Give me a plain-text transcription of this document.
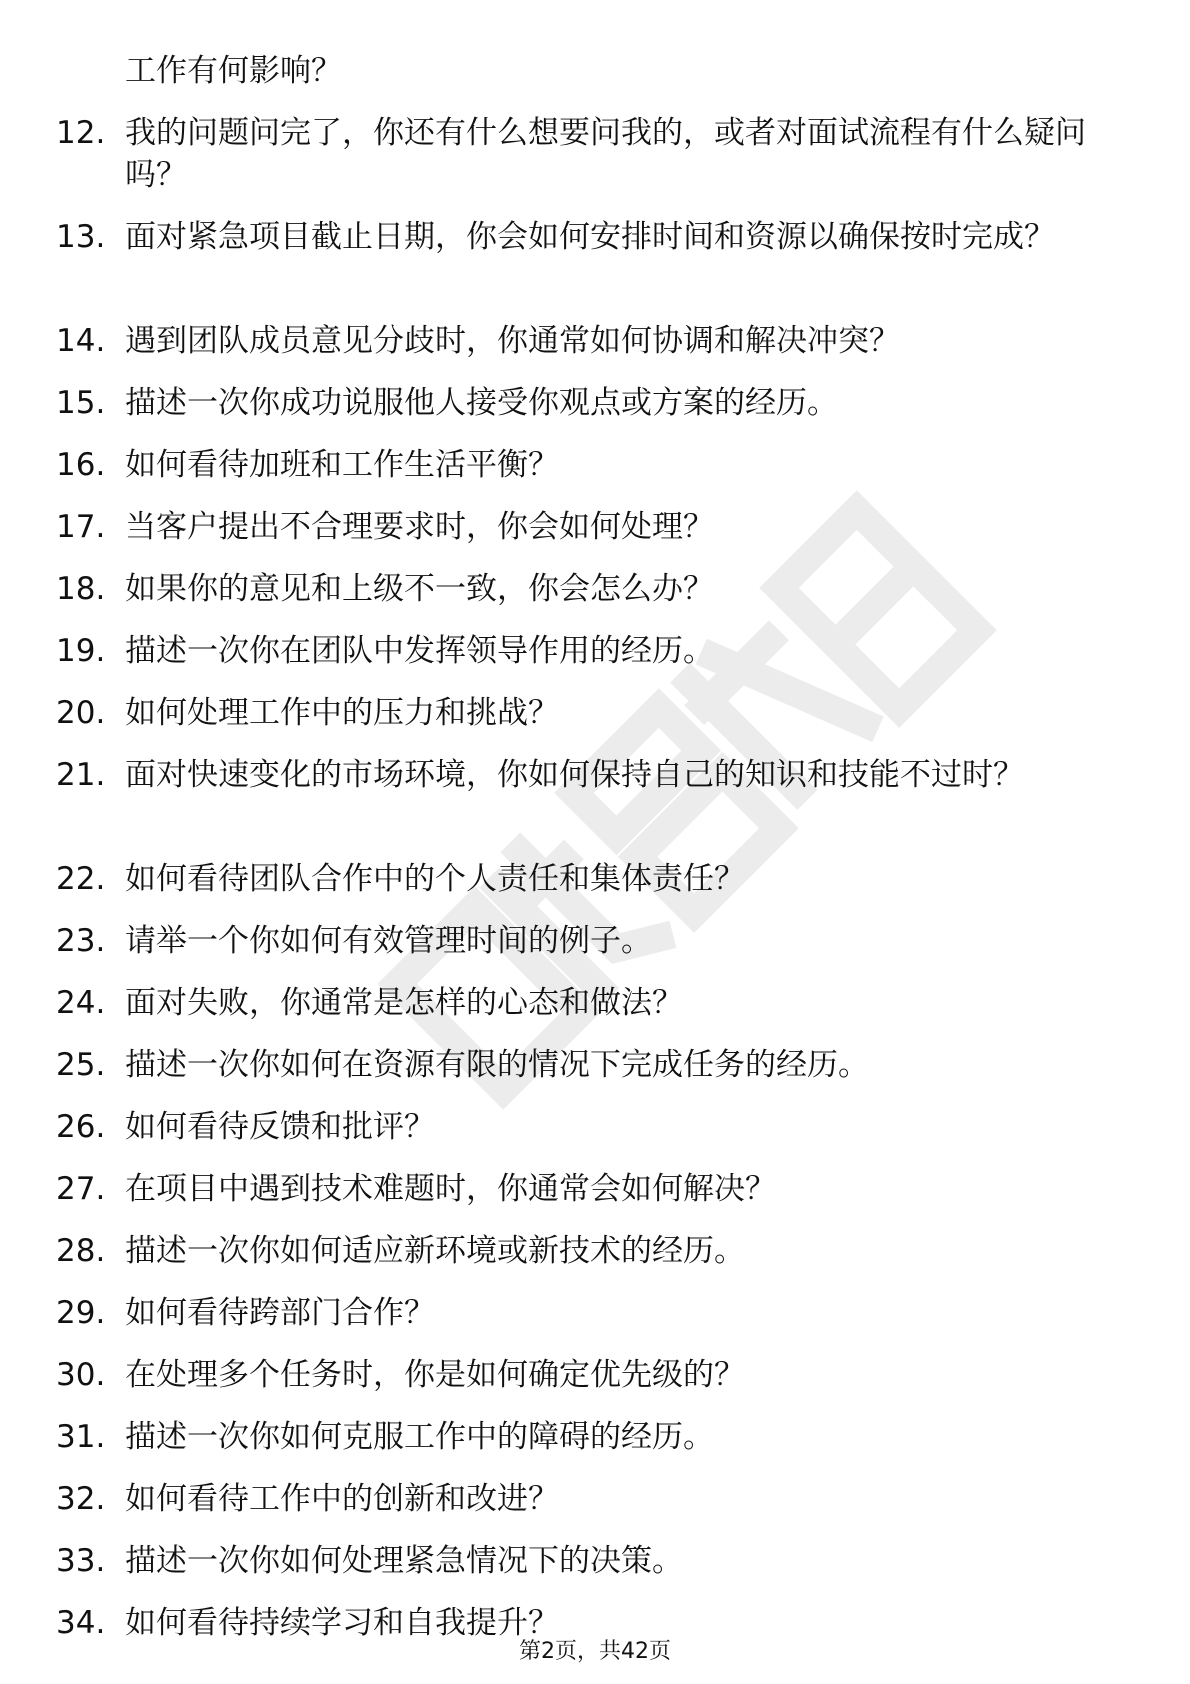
工作有何影响？

12. 我的问题问完了，你还有什么想要问我的，或者对面试流程有什么疑问吗？
13. 面对紧急项目截止日期，你会如何安排时间和资源以确保按时完成？
14. 遇到团队成员意见分歧时，你通常如何协调和解决冲突？
15. 描述一次你成功说服他人接受你观点或方案的经历。
16. 如何看待加班和工作生活平衡？
17. 当客户提出不合理要求时，你会如何处理？
18. 如果你的意见和上级不一致，你会怎么办？
19. 描述一次你在团队中发挥领导作用的经历。
20. 如何处理工作中的压力和挑战？
21. 面对快速变化的市场环境，你如何保持自己的知识和技能不过时？
22. 如何看待团队合作中的个人责任和集体责任？
23. 请举一个你如何有效管理时间的例子。
24. 面对失败，你通常是怎样的心态和做法？
25. 描述一次你如何在资源有限的情况下完成任务的经历。
26. 如何看待反馈和批评？
27. 在项目中遇到技术难题时，你通常会如何解决？
28. 描述一次你如何适应新环境或新技术的经历。
29. 如何看待跨部门合作？
30. 在处理多个任务时，你是如何确定优先级的？
31. 描述一次你如何克服工作中的障碍的经历。
32. 如何看待工作中的创新和改进？
33. 描述一次你如何处理紧急情况下的决策。
34. 如何看待持续学习和自我提升？
第2页，共42页
